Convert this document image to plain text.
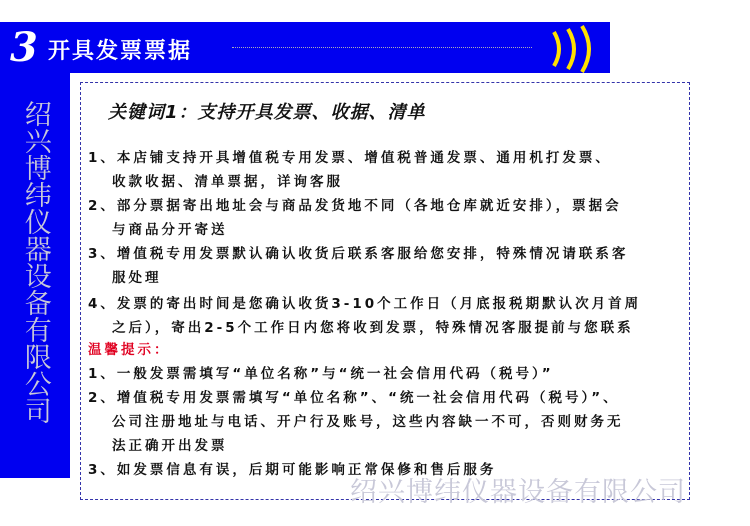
3 开具发票票据
绍兴博纬仪器设备有限公司
绍兴博纬仪器设备有限公司
关键词1：支持开具发票、收据、清单
1、本店铺支持开具增值税专用发票、增值税普通发票、通用机打发票、
收款收据、清单票据，详询客服
2、部分票据寄出地址会与商品发货地不同（各地仓库就近安排），票据会
与商品分开寄送
3、增值税专用发票默认确认收货后联系客服给您安排，特殊情况请联系客
服处理
4、发票的寄出时间是您确认收货3-10个工作日（月底报税期默认次月首周
之后），寄出2-5个工作日内您将收到发票，特殊情况客服提前与您联系
温馨提示：
1、一般发票需填写“单位名称”与“统一社会信用代码（税号）”
2、增值税专用发票需填写“单位名称”、“统一社会信用代码（税号）”、
公司注册地址与电话、开户行及账号，这些内容缺一不可，否则财务无
法正确开出发票
3、如发票信息有误，后期可能影响正常保修和售后服务
